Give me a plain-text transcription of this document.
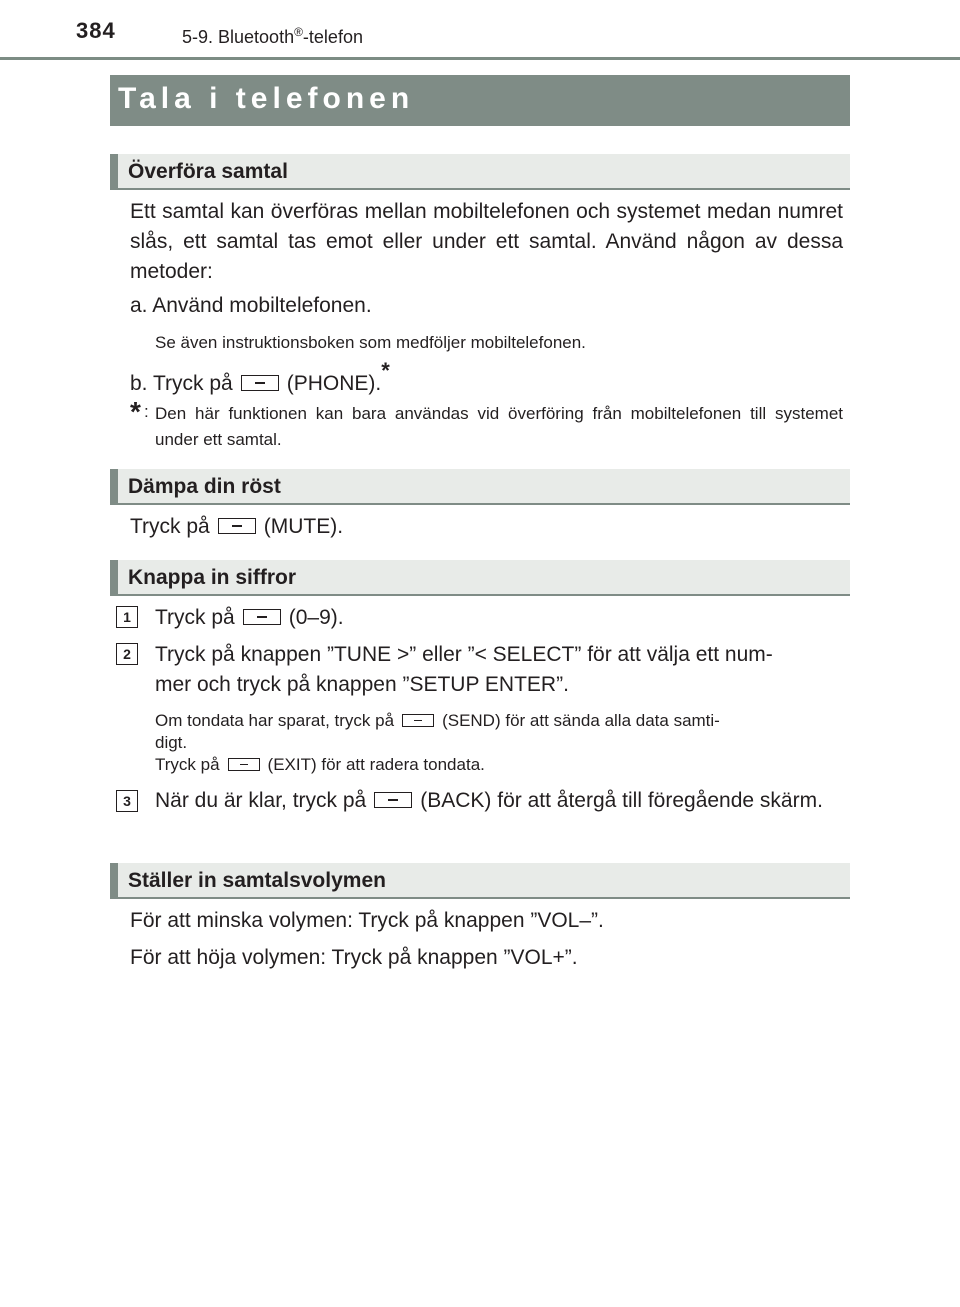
384	5-9. Bluetooth®-telefon
Tala i telefonen
Överföra samtal
Ett samtal kan överföras mellan mobiltelefonen och systemet medan numret slås, ett samtal tas emot eller under ett samtal. Använd någon av dessa metoder:
a. Använd mobiltelefonen.
Se även instruktionsboken som medföljer mobiltelefonen.
b. Tryck på	(PHONE).*
* : Den här funktionen kan bara användas vid överföring från mobiltelefonen till systemet under ett samtal.
Dämpa din röst
Tryck på	(MUTE).
Knappa in siffror
1	Tryck på	(0–9).
2	Tryck på knappen ”TUNE >” eller ”< SELECT” för att välja ett num-
mer och tryck på knappen ”SETUP ENTER”.
Om tondata har sparat, tryck på	(SEND) för att sända alla data samti-
digt.
Tryck på	(EXIT) för att radera tondata.
3	När du är klar, tryck på	(BACK) för att återgå till föregående skärm.
Ställer in samtalsvolymen
För att minska volymen: Tryck på knappen ”VOL–”.
För att höja volymen: Tryck på knappen ”VOL+”.
